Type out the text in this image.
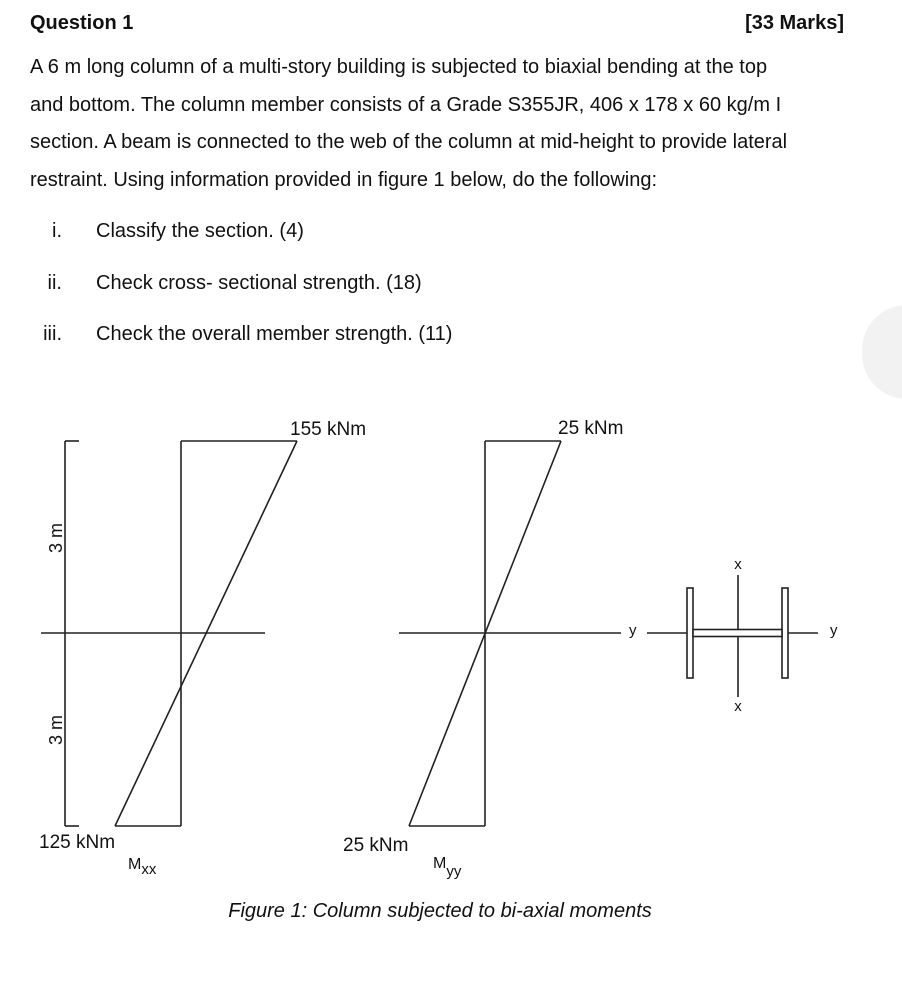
Question 1	[33 Marks]

A 6 m long column of a multi-story building is subjected to biaxial bending at the top
and bottom. The column member consists of a Grade S355JR, 406 x 178 x 60 kg/m I
section. A beam is connected to the web of the column at mid-height to provide lateral
restraint. Using information provided in figure 1 below, do the following:

i. Classify the section. (4)
ii. Check cross- sectional strength. (18)
iii. Check the overall member strength. (11)
155 kNm
125 kNm
3 m
3 m
Mxx
25 kNm
25 kNm
Myy
x
x
y	y
Figure 1: Column subjected to bi-axial moments
